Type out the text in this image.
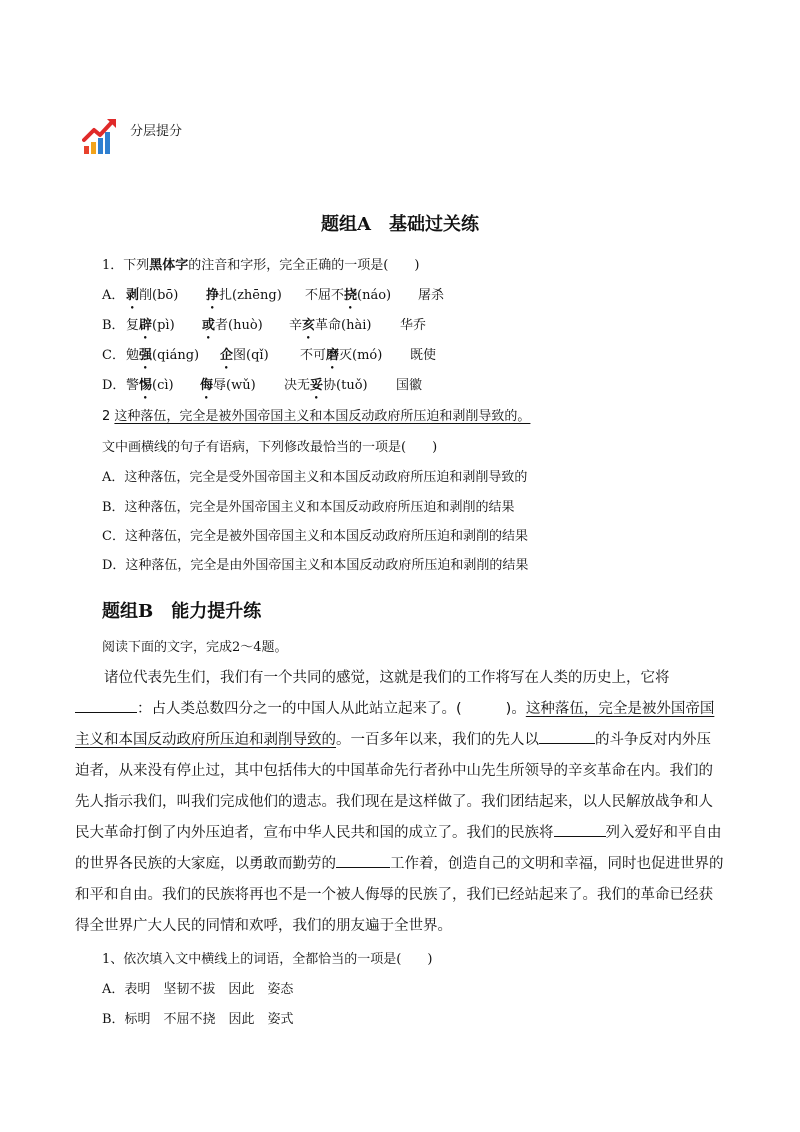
分层提分
题组A　基础过关练
1．下列黑体字的注音和字形，完全正确的一项是(　　)
A． 剥削(bō) 挣扎(zhēng) 不屈不挠(náo) 屠杀
B． 复辟(pì) 或者(huò) 辛亥革命(hài) 华乔
C． 勉强(qiáng) 企图(qǐ) 不可磨灭(mó) 既使
D． 警惕(cì) 侮辱(wǔ) 决无妥协(tuǒ) 国徽
2 这种落伍，完全是被外国帝国主义和本国反动政府所压迫和剥削导致的。
文中画横线的句子有语病，下列修改最恰当的一项是(　　)
A．这种落伍，完全是受外国帝国主义和本国反动政府所压迫和剥削导致的
B．这种落伍，完全是外国帝国主义和本国反动政府所压迫和剥削的结果
C．这种落伍，完全是被外国帝国主义和本国反动政府所压迫和剥削的结果
D．这种落伍，完全是由外国帝国主义和本国反动政府所压迫和剥削的结果
题组B　能力提升练
阅读下面的文字，完成2～4题。

诸位代表先生们，我们有一个共同的感觉，这就是我们的工作将写在人类的历史上，它将：占人类总数四分之一的中国人从此站立起来了。(	)。这种落伍，完全是被外国帝国主义和本国反动政府所压迫和剥削导致的。一百多年以来，我们的先人以	的斗争反对内外压迫者，从来没有停止过，其中包括伟大的中国革命先行者孙中山先生所领导的辛亥革命在内。我们的先人指示我们，叫我们完成他们的遗志。我们现在是这样做了。我们团结起来，以人民解放战争和人民大革命打倒了内外压迫者，宣布中华人民共和国的成立了。我们的民族将	列入爱好和平自由的世界各民族的大家庭，以勇敢而勤劳的	工作着，创造自己的文明和幸福，同时也促进世界的和平和自由。我们的民族将再也不是一个被人侮辱的民族了，我们已经站起来了。我们的革命已经获得全世界广大人民的同情和欢呼，我们的朋友遍于全世界。

1、依次填入文中横线上的词语，全都恰当的一项是(　　)
A．表明　坚韧不拔　因此　姿态
B．标明　不屈不挠　因此　姿式
